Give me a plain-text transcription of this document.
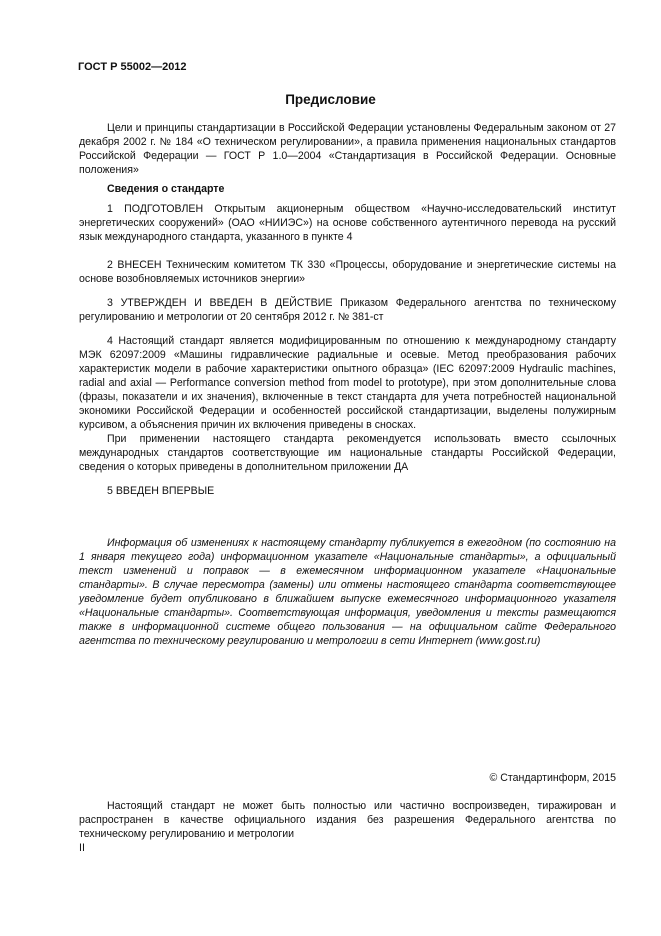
ГОСТ Р 55002—2012
Предисловие

Цели и принципы стандартизации в Российской Федерации установлены Федеральным законом от 27 декабря 2002 г. № 184 «О техническом регулировании», а правила применения национальных стандартов Российской Федерации — ГОСТ Р 1.0—2004 «Стандартизация в Российской Федерации. Основные положения»

Сведения о стандарте

1 ПОДГОТОВЛЕН Открытым акционерным обществом «Научно-исследовательский институт энергетических сооружений» (ОАО «НИИЭС») на основе собственного аутентичного перевода на русский язык международного стандарта, указанного в пункте 4

2 ВНЕСЕН Техническим комитетом ТК 330 «Процессы, оборудование и энергетические системы на основе возобновляемых источников энергии»

3 УТВЕРЖДЕН И ВВЕДЕН В ДЕЙСТВИЕ Приказом Федерального агентства по техническому регулированию и метрологии от 20 сентября 2012 г. № 381-ст

4 Настоящий стандарт является модифицированным по отношению к международному стандарту МЭК 62097:2009 «Машины гидравлические радиальные и осевые. Метод преобразования рабочих характеристик модели в рабочие характеристики опытного образца» (IEC 62097:2009 Hydraulic machines, radial and axial — Performance conversion method from model to prototype), при этом дополнительные слова (фразы, показатели и их значения), включенные в текст стандарта для учета потребностей национальной экономики Российской Федерации и особенностей российской стандартизации, выделены полужирным курсивом, а объяснения причин их включения приведены в сносках.

При применении настоящего стандарта рекомендуется использовать вместо ссылочных международных стандартов соответствующие им национальные стандарты Российской Федерации, сведения о которых приведены в дополнительном приложении ДА

5 ВВЕДЕН ВПЕРВЫЕ

Информация об изменениях к настоящему стандарту публикуется в ежегодном (по состоянию на 1 января текущего года) информационном указателе «Национальные стандарты», а официальный текст изменений и поправок — в ежемесячном информационном указателе «Национальные стандарты». В случае пересмотра (замены) или отмены настоящего стандарта соответствующее уведомление будет опубликовано в ближайшем выпуске ежемесячного информационного указателя «Национальные стандарты». Соответствующая информация, уведомления и тексты размещаются также в информационной системе общего пользования — на официальном сайте Федерального агентства по техническому регулированию и метрологии в сети Интернет (www.gost.ru)

© Стандартинформ, 2015

Настоящий стандарт не может быть полностью или частично воспроизведен, тиражирован и распространен в качестве официального издания без разрешения Федерального агентства по техническому регулированию и метрологии

II
